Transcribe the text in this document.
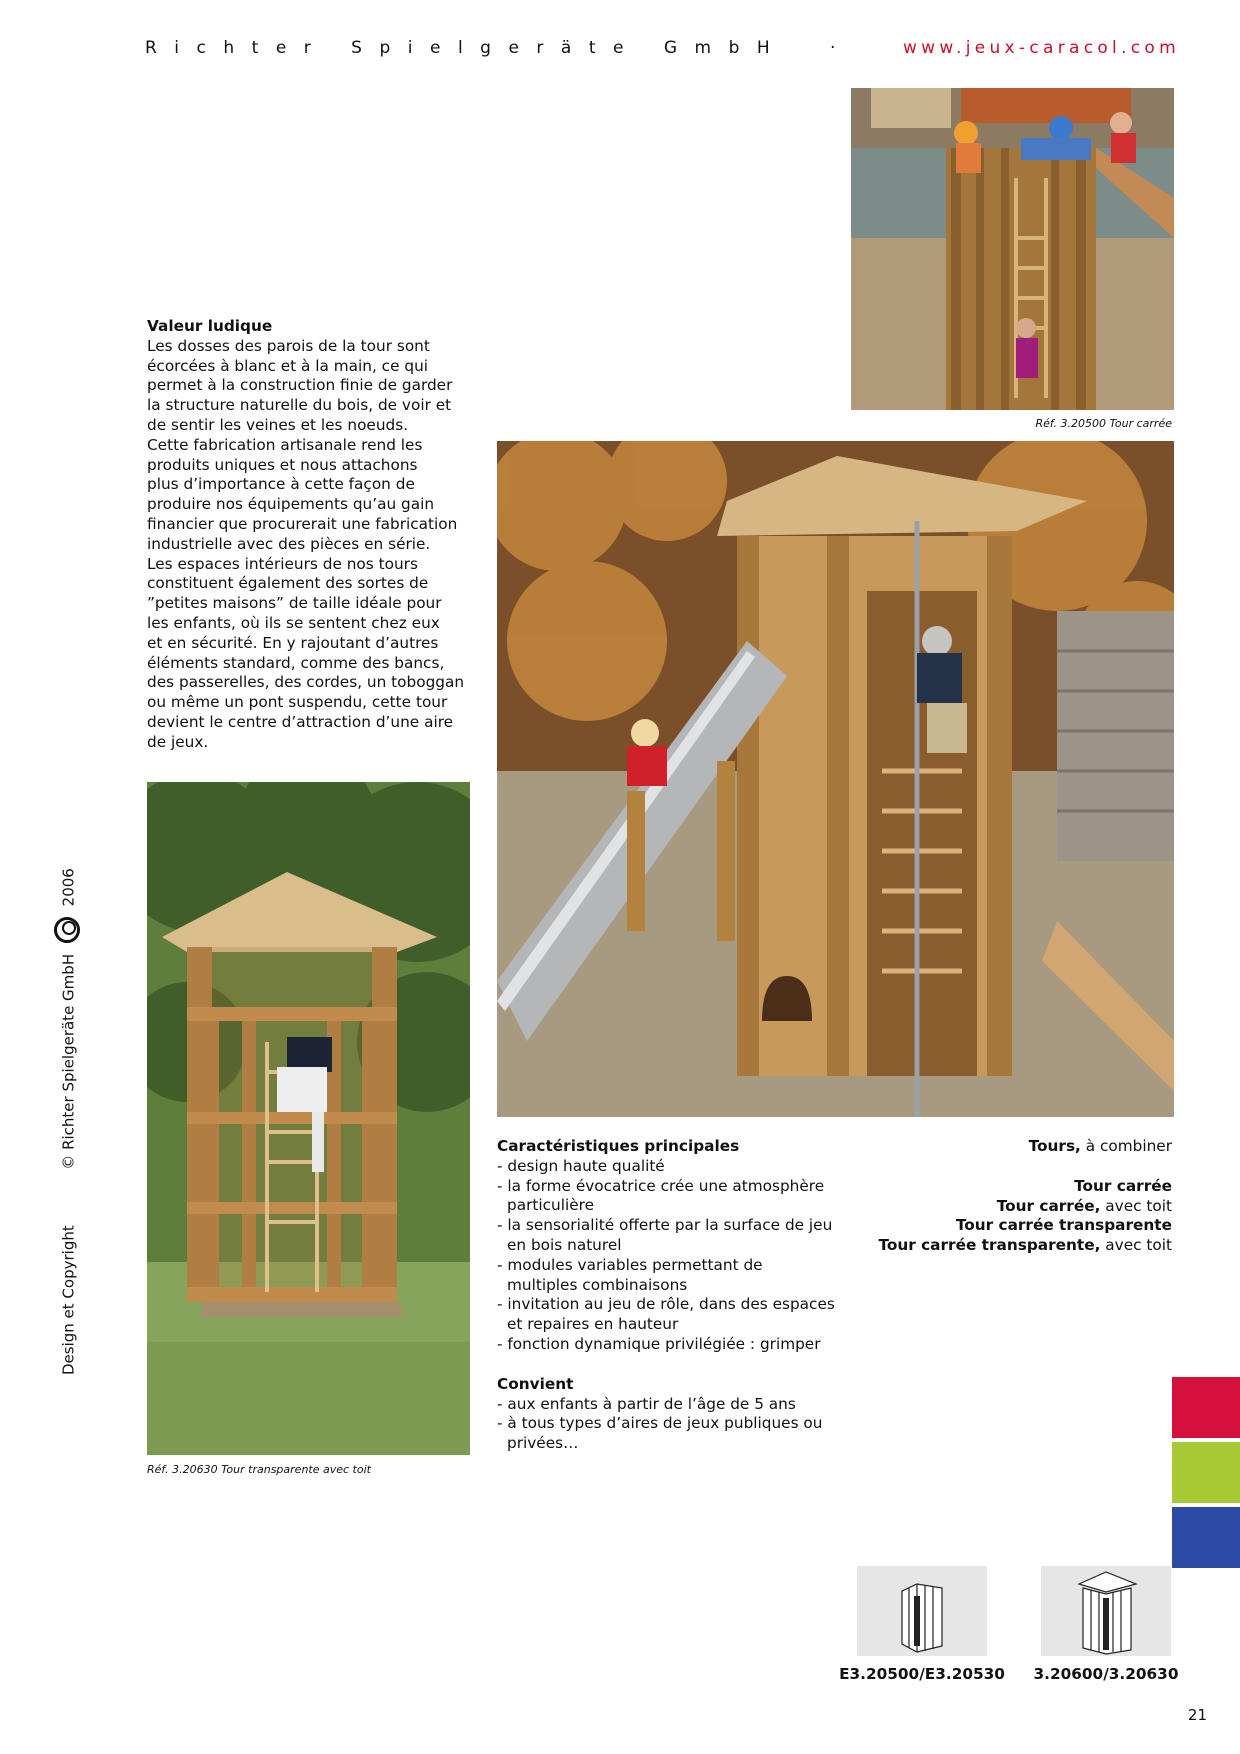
Richter Spielgeräte GmbH	·	www.jeux-caracol.com
Design et Copyright  © Richter Spielgeräte GmbH  2006
Réf. 3.20500 Tour carrée
Valeur ludique

Les dosses des parois de la tour sont
écorcées à blanc et à la main, ce qui
permet à la construction finie de garder
la structure naturelle du bois, de voir et
de sentir les veines et les noeuds.
Cette fabrication artisanale rend les
produits uniques et nous attachons
plus d’importance à cette façon de
produire nos équipements qu’au gain
financier que procurerait une fabrication
industrielle avec des pièces en série.
Les espaces intérieurs de nos tours
constituent également des sortes de
”petites maisons” de taille idéale pour
les enfants, où ils se sentent chez eux
et en sécurité. En y rajoutant d’autres
éléments standard, comme des bancs,
des passerelles, des cordes, un toboggan
ou même un pont suspendu, cette tour
devient le centre d’attraction d’une aire
de jeux.

Réf. 3.20630 Tour transparente avec toit
Caractéristiques principales
- design haute qualité
- la forme évocatrice crée une atmosphère particulière
- la sensorialité offerte par la surface de jeu en bois naturel
- modules variables permettant de multiples combinaisons
- invitation au jeu de rôle, dans des espaces et repaires en hauteur
- fonction dynamique privilégiée : grimper
Convient
- aux enfants à partir de l’âge de 5 ans
- à tous types d’aires de jeux publiques ou privées…
Tours, à combiner
Tour carrée
Tour carrée, avec toit
Tour carrée transparente
Tour carrée transparente, avec toit
E3.20500/E3.20530	3.20600/3.20630
21
